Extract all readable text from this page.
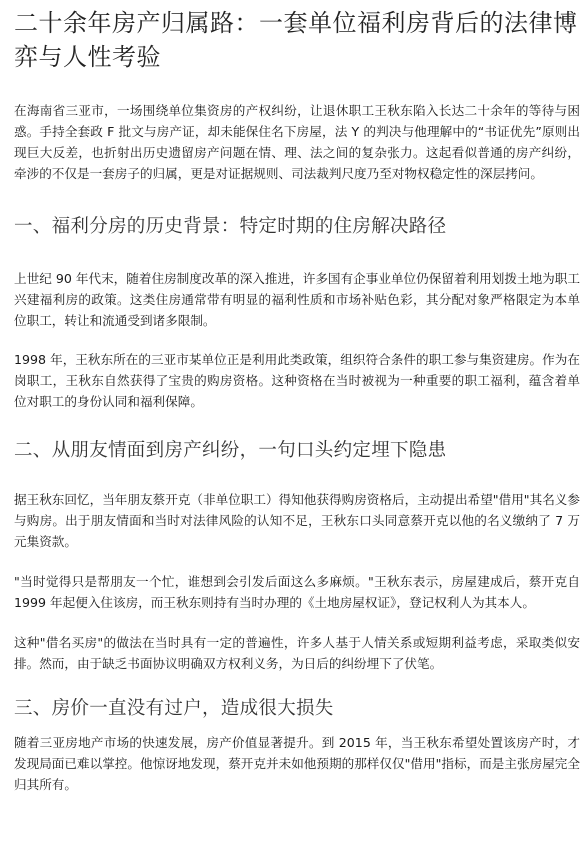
二十余年房产归属路：一套单位福利房背后的法律博弈与人性考验

在海南省三亚市，一场围绕单位集资房的产权纠纷，让退休职工王秋东陷入长达二十余年的等待与困惑。手持全套政 F 批文与房产证，却未能保住名下房屋，法 Y 的判决与他理解中的“书证优先”原则出现巨大反差，也折射出历史遗留房产问题在情、理、法之间的复杂张力。这起看似普通的房产纠纷，牵涉的不仅是一套房子的归属，更是对证据规则、司法裁判尺度乃至对物权稳定性的深层拷问。

一、福利分房的历史背景：特定时期的住房解决路径

上世纪 90 年代末，随着住房制度改革的深入推进，许多国有企事业单位仍保留着利用划拨土地为职工兴建福利房的政策。这类住房通常带有明显的福利性质和市场补贴色彩，其分配对象严格限定为本单位职工，转让和流通受到诸多限制。

1998 年，王秋东所在的三亚市某单位正是利用此类政策，组织符合条件的职工参与集资建房。作为在岗职工，王秋东自然获得了宝贵的购房资格。这种资格在当时被视为一种重要的职工福利，蕴含着单位对职工的身份认同和福利保障。

二、从朋友情面到房产纠纷，一句口头约定埋下隐患

据王秋东回忆，当年朋友蔡开克（非单位职工）得知他获得购房资格后，主动提出希望"借用"其名义参与购房。出于朋友情面和当时对法律风险的认知不足，王秋东口头同意蔡开克以他的名义缴纳了 7 万元集资款。

"当时觉得只是帮朋友一个忙，谁想到会引发后面这么多麻烦。"王秋东表示，房屋建成后，蔡开克自 1999 年起便入住该房，而王秋东则持有当时办理的《土地房屋权证》，登记权利人为其本人。

这种"借名买房"的做法在当时具有一定的普遍性，许多人基于人情关系或短期利益考虑，采取类似安排。然而，由于缺乏书面协议明确双方权利义务，为日后的纠纷埋下了伏笔。

三、房价一直没有过户，造成很大损失

随着三亚房地产市场的快速发展，房产价值显著提升。到 2015 年，当王秋东希望处置该房产时，才发现局面已难以掌控。他惊讶地发现，蔡开克并未如他预期的那样仅仅"借用"指标，而是主张房屋完全归其所有。
